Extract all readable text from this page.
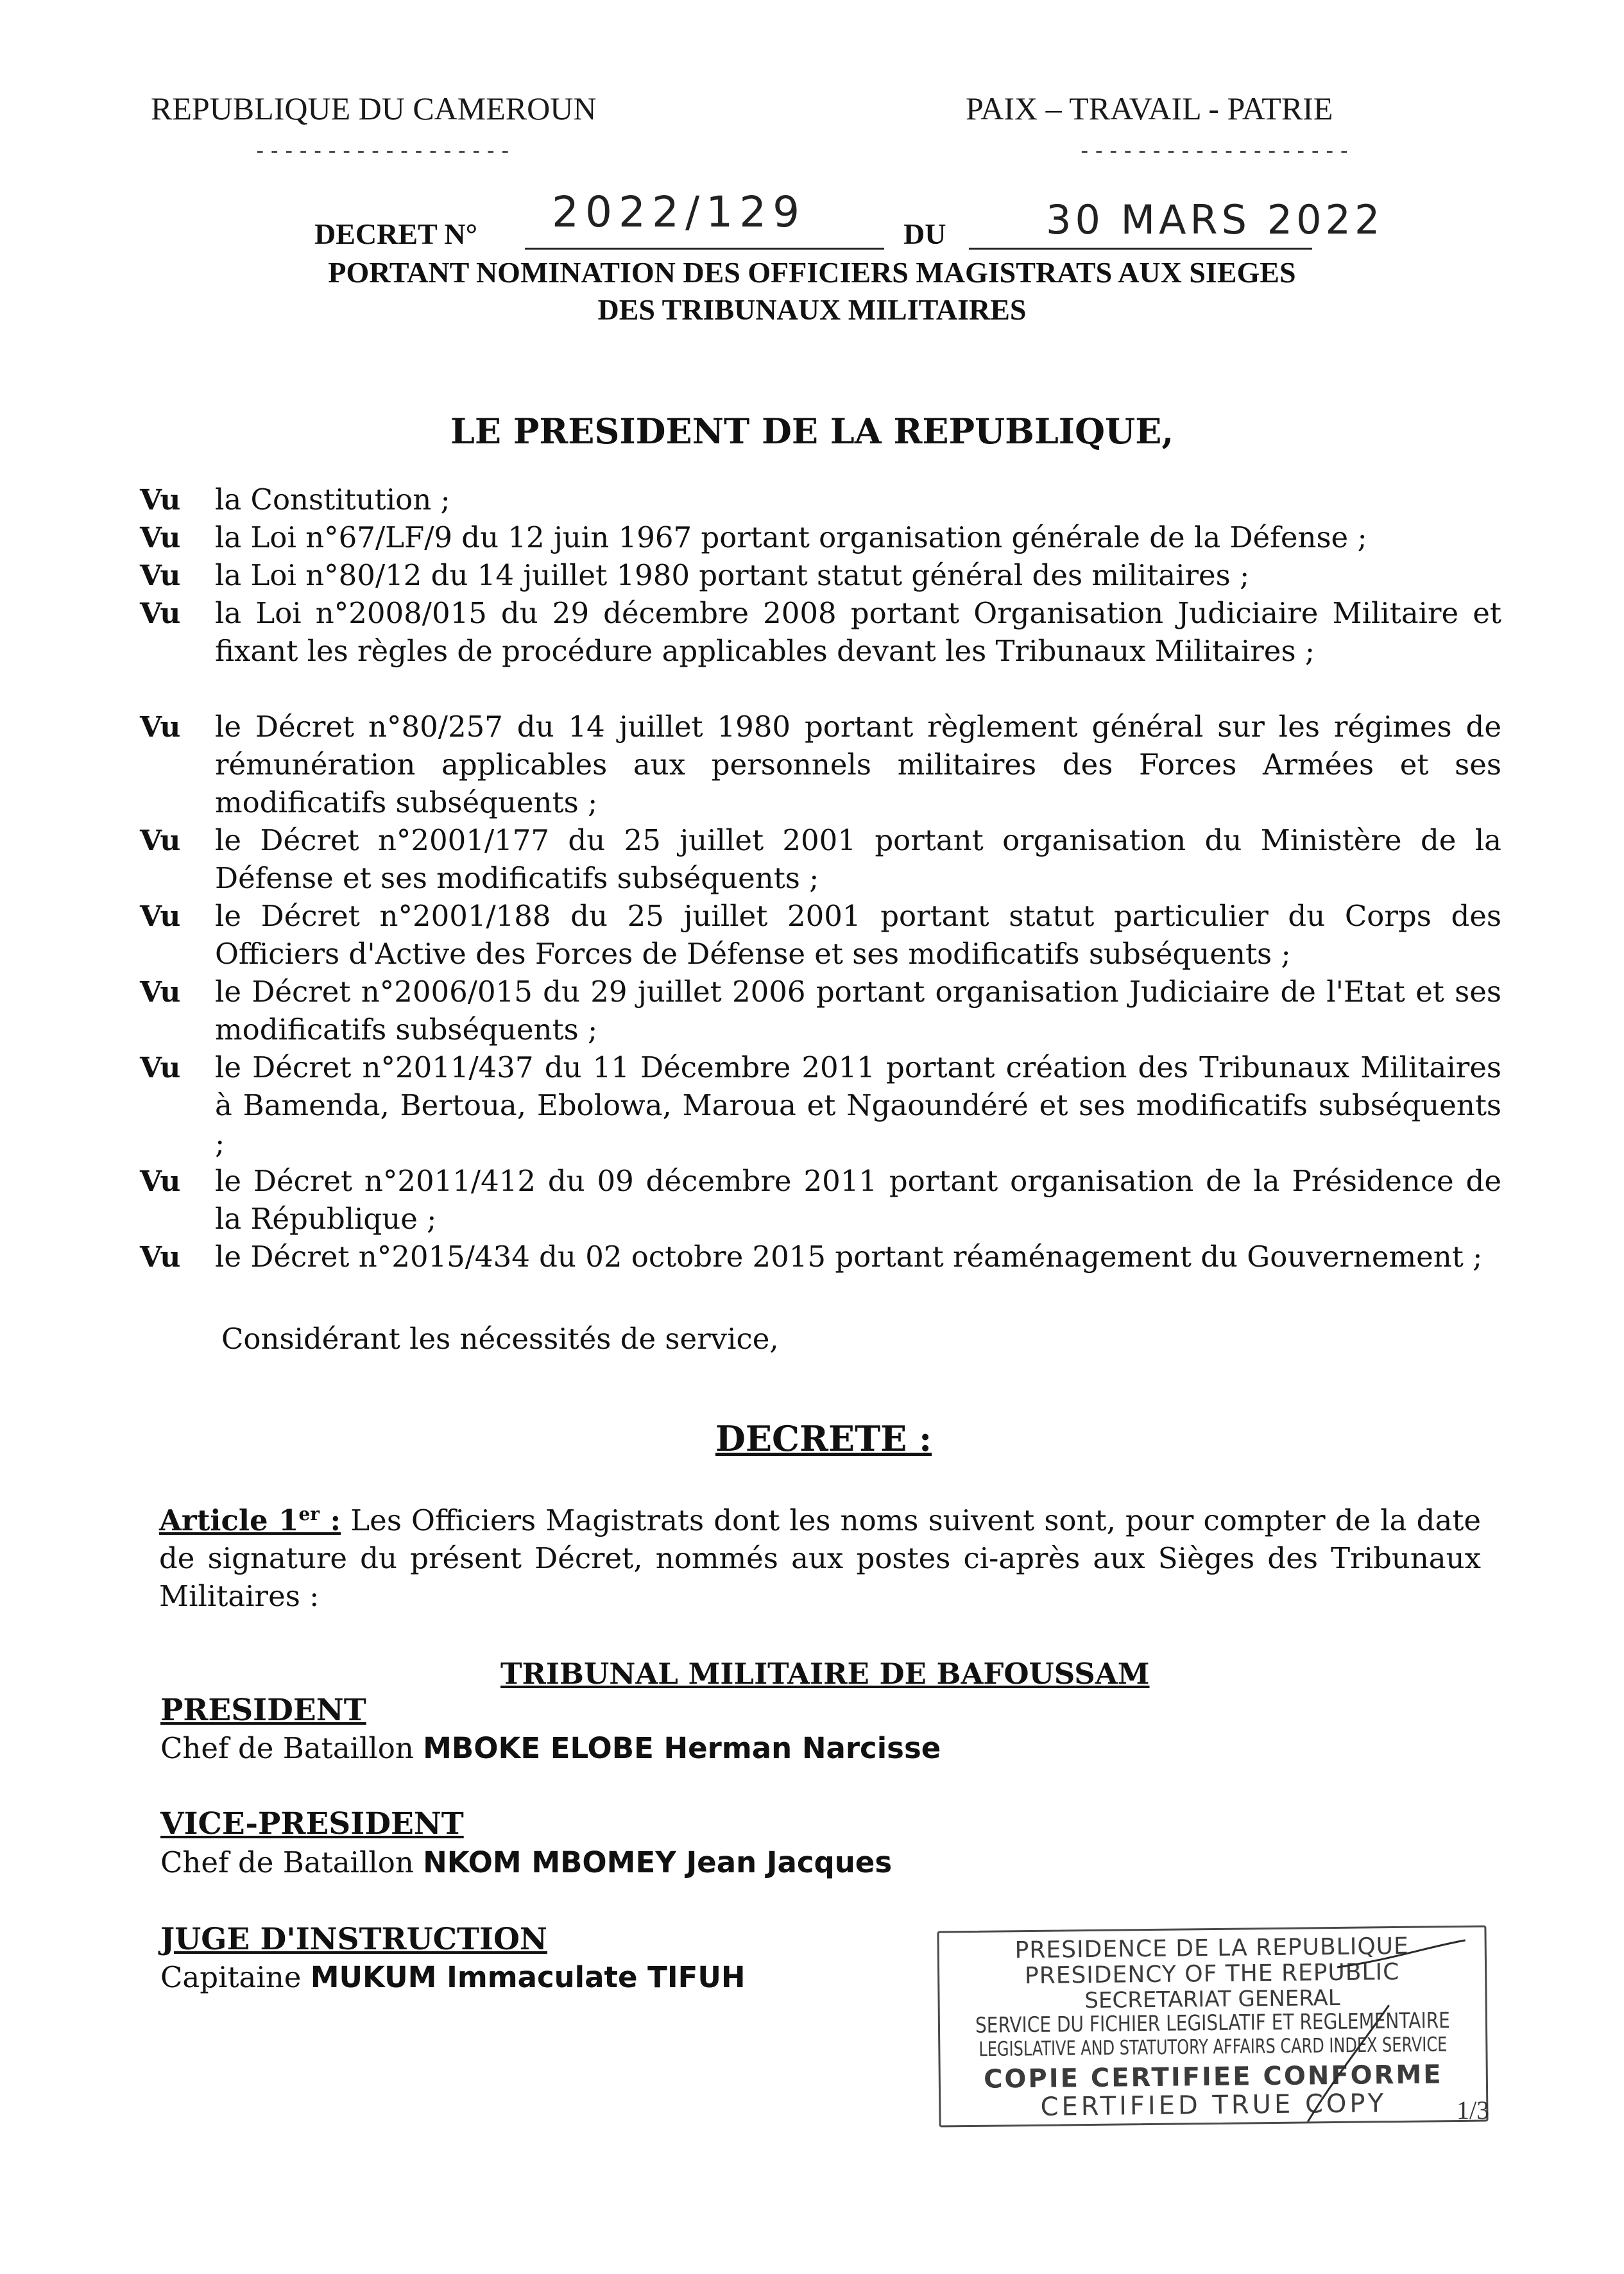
REPUBLIQUE DU CAMEROUN
------------------
PAIX – TRAVAIL - PATRIE
-------------------
DECRET N° 2022/129	DU	30 MARS 2022
PORTANT NOMINATION DES OFFICIERS MAGISTRATS AUX SIEGES
DES TRIBUNAUX MILITAIRES
LE PRESIDENT DE LA REPUBLIQUE,
Vu la Constitution ;
Vu la Loi n°67/LF/9 du 12 juin 1967 portant organisation générale de la Défense ;
Vu la Loi n°80/12 du 14 juillet 1980 portant statut général des militaires ;
Vu la Loi n°2008/015 du 29 décembre 2008 portant Organisation Judiciaire Militaire et fixant les règles de procédure applicables devant les Tribunaux Militaires ;
Vu le Décret n°80/257 du 14 juillet 1980 portant règlement général sur les régimes de rémunération applicables aux personnels militaires des Forces Armées et ses modificatifs subséquents ;
Vu le Décret n°2001/177 du 25 juillet 2001 portant organisation du Ministère de la Défense et ses modificatifs subséquents ;
Vu le Décret n°2001/188 du 25 juillet 2001 portant statut particulier du Corps des Officiers d'Active des Forces de Défense et ses modificatifs subséquents ;
Vu le Décret n°2006/015 du 29 juillet 2006 portant organisation Judiciaire de l'Etat et ses modificatifs subséquents ;
Vu le Décret n°2011/437 du 11 Décembre 2011 portant création des Tribunaux Militaires à Bamenda, Bertoua, Ebolowa, Maroua et Ngaoundéré et ses modificatifs subséquents ;
Vu le Décret n°2011/412 du 09 décembre 2011 portant organisation de la Présidence de la République ;
Vu le Décret n°2015/434 du 02 octobre 2015 portant réaménagement du Gouvernement ;
Considérant les nécessités de service,
DECRETE :
Article 1er : Les Officiers Magistrats dont les noms suivent sont, pour compter de la date de signature du présent Décret, nommés aux postes ci-après aux Sièges des Tribunaux Militaires :
TRIBUNAL MILITAIRE DE BAFOUSSAM
PRESIDENT
Chef de Bataillon MBOKE ELOBE Herman Narcisse
VICE-PRESIDENT
Chef de Bataillon NKOM MBOMEY Jean Jacques
JUGE D'INSTRUCTION
Capitaine MUKUM Immaculate TIFUH
PRESIDENCE DE LA REPUBLIQUE
PRESIDENCY OF THE REPUBLIC
SECRETARIAT GENERAL
SERVICE DU FICHIER LEGISLATIF ET REGLEMENTAIRE
LEGISLATIVE AND STATUTORY AFFAIRS CARD INDEX SERVICE
COPIE CERTIFIEE CONFORME
CERTIFIED TRUE COPY	1/3
